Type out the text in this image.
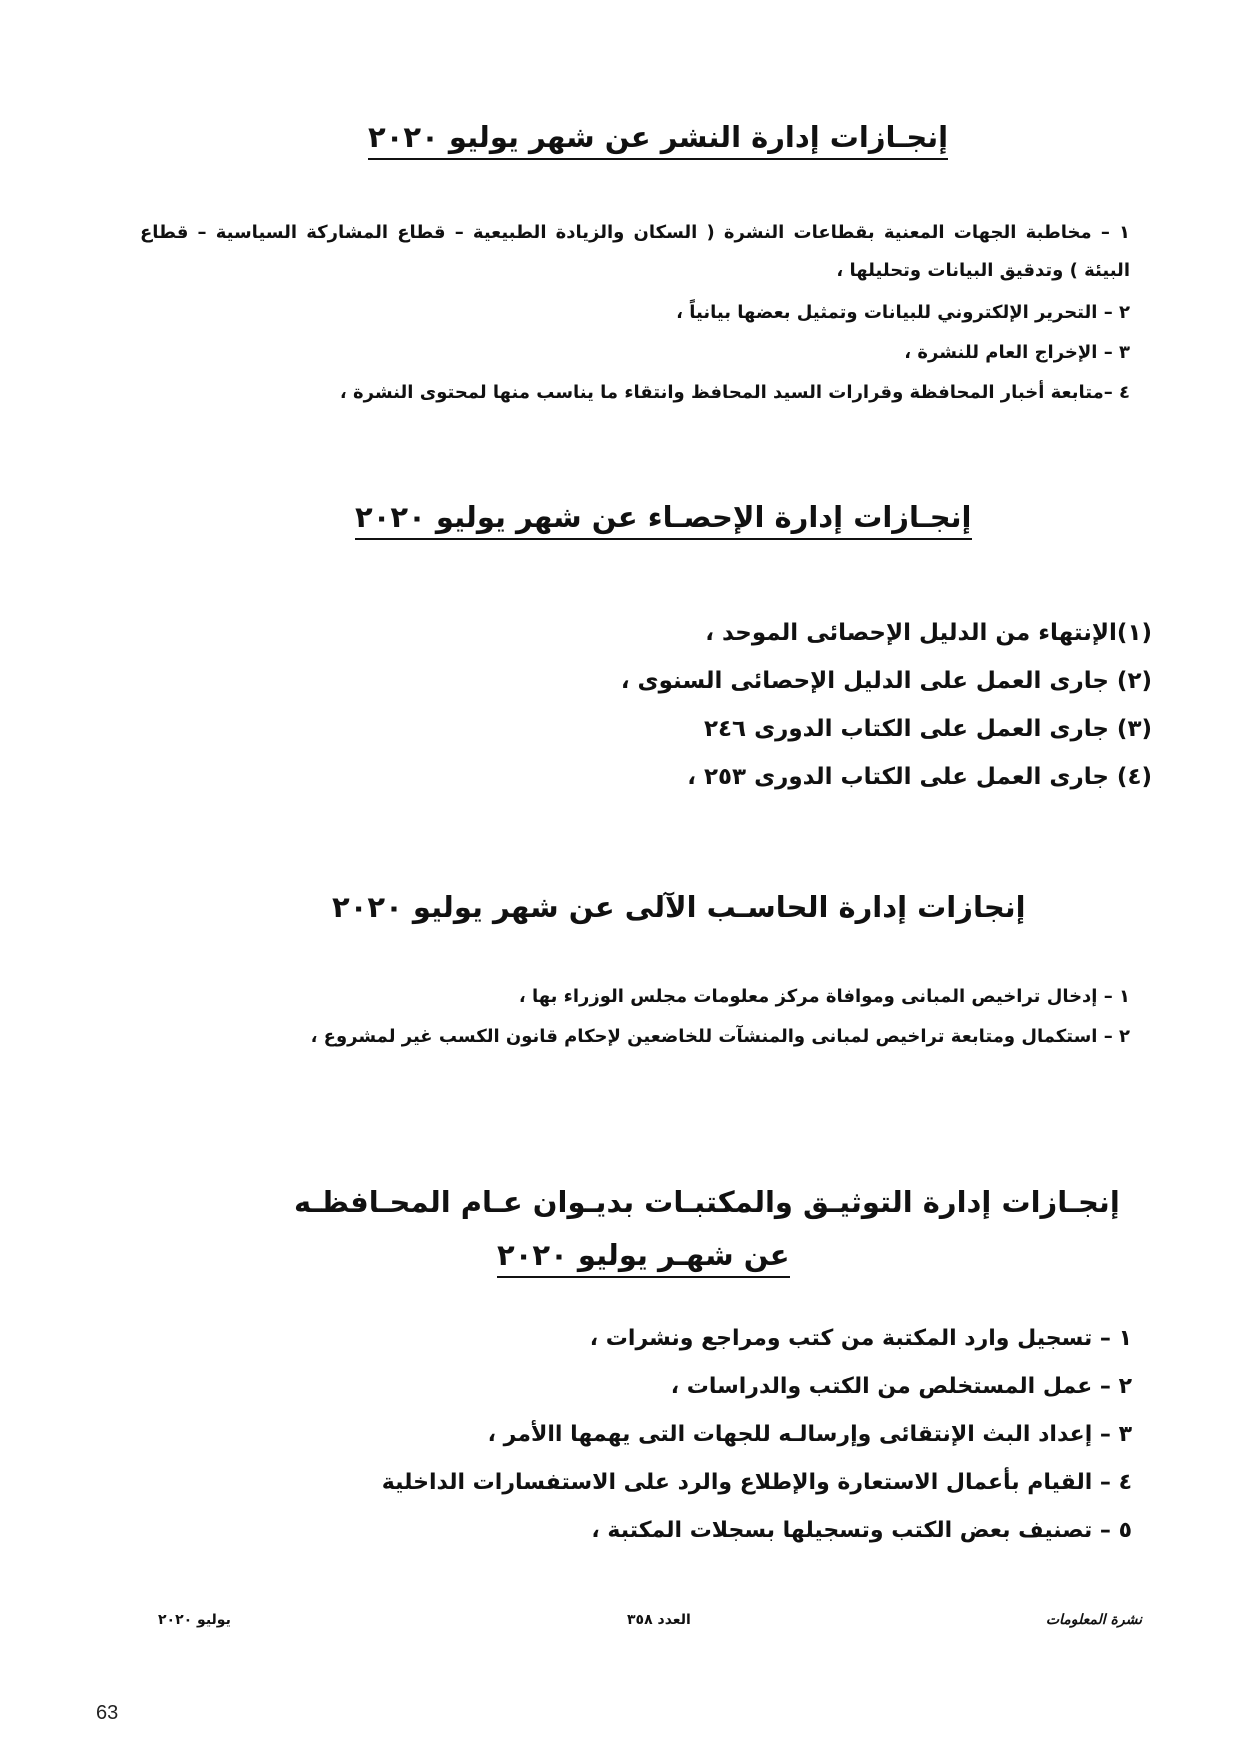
إنجـازات إدارة النشر عن شهر يوليو ٢٠٢٠
١ – مخاطبة الجهات المعنية بقطاعات النشرة ( السكان والزيادة الطبيعية – قطاع المشاركة السياسية – قطاع البيئة ) وتدقيق البيانات وتحليلها ،
٢ – التحرير الإلكتروني للبيانات وتمثيل بعضها بيانياً ،
٣ – الإخراج العام للنشرة ،
٤ –متابعة أخبار المحافظة وقرارات السيد المحافظ وانتقاء ما يناسب منها لمحتوى النشرة ،
إنجـازات إدارة الإحصـاء عن شهر يوليو ٢٠٢٠
(١)الإنتهاء من الدليل الإحصائى الموحد ،
(٢) جارى العمل على الدليل الإحصائى السنوى ،
(٣) جارى العمل على الكتاب الدورى ٢٤٦
(٤) جارى العمل على الكتاب الدورى ٢٥٣ ،
إنجازات إدارة الحاسـب الآلى عن شهر يوليو ٢٠٢٠
١ – إدخال تراخيص المبانى وموافاة مركز معلومات مجلس الوزراء بها ،
٢ – استكمال ومتابعة تراخيص لمبانى والمنشآت للخاضعين لإحكام قانون الكسب غير لمشروع ،
إنجـازات إدارة التوثيـق والمكتبـات بديـوان عـام المحـافظـه
عن شهـر يوليو ٢٠٢٠
١ – تسجيل وارد المكتبة من كتب ومراجع ونشرات ،
٢ – عمل المستخلص من الكتب والدراسات ،
٣ – إعداد البث الإنتقائى وإرسالـه للجهات التى يهمها االأمر ،
٤ – القيام بأعمال الاستعارة والإطلاع والرد على الاستفسارات الداخلية
٥ – تصنيف بعض الكتب وتسجيلها بسجلات المكتبة ،
نشرة المعلومات
العدد ٣٥٨
يوليو ٢٠٢٠
63
